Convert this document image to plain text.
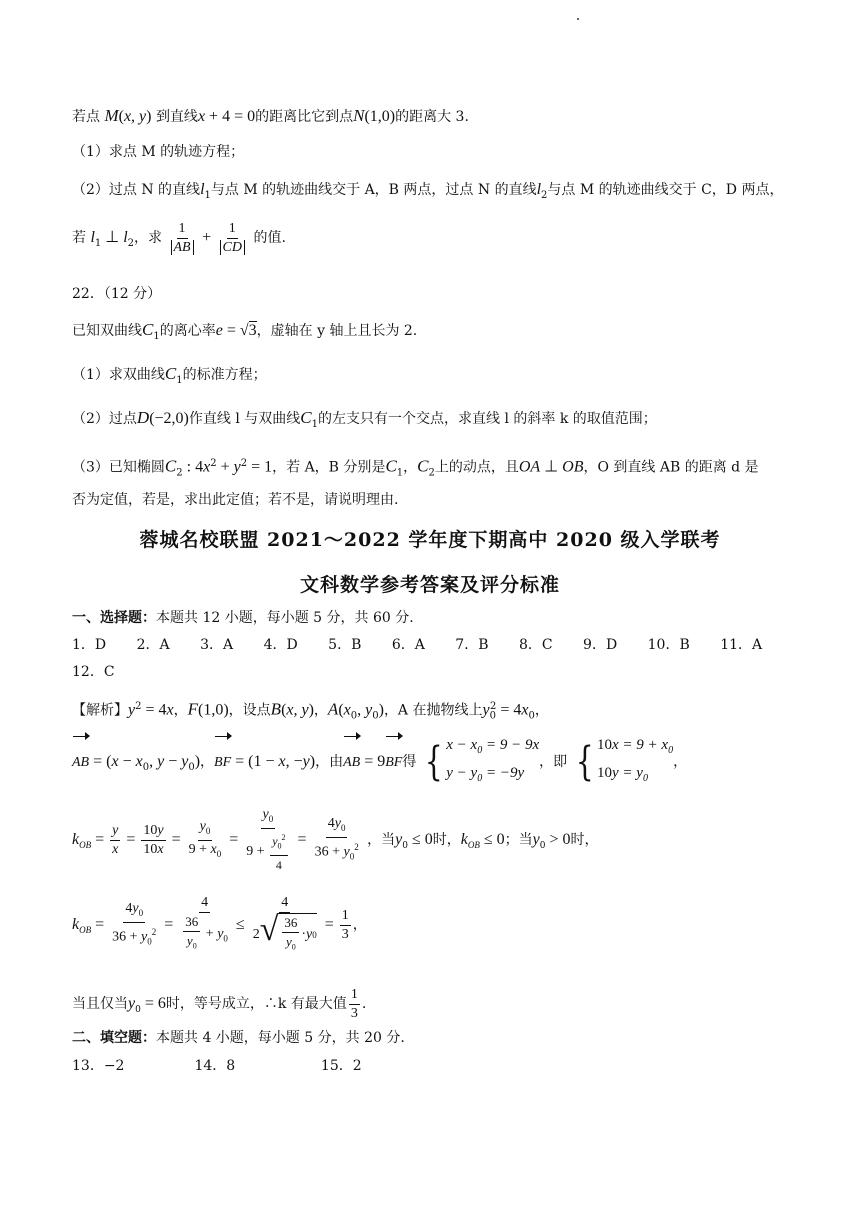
若点 M(x, y) 到直线x + 4 = 0的距离比它到点N(1,0)的距离大 3.
（1）求点 M 的轨迹方程；
（2）过点 N 的直线$l_1$与点 M 的轨迹曲线交于 A，B 两点，过点 N 的直线$l_2$与点 M 的轨迹曲线交于 C，D 两点，
若 $l_1$ ⊥ $l_2$，求 $\frac{1}{AB} + \frac{1}{CD}$ 的值.
22．（12 分）
已知双曲线$C_1$的离心率e = √3，虚轴在 y 轴上且长为 2.
（1）求双曲线$C_1$的标准方程；
（2）过点D(−2,0)作直线 l 与双曲线$C_1$的左支只有一个交点，求直线 l 的斜率 k 的取值范围；
（3）已知椭圆$C_2$ : $4x^2 + y^2 = 1$，若 A，B 分别是$C_1$，$C_2$上的动点，且OA ⊥ OB，O 到直线 AB 的距离 d 是
否为定值，若是，求出此定值；若不是，请说明理由.
蓉城名校联盟 2021～2022 学年度下期高中 2020 级入学联考
文科数学参考答案及评分标准
一、选择题：本题共 12 小题，每小题 5 分，共 60 分.
1．D 2．A 3．A 4．D 5．B 6．A 7．B 8．C 9．D 10．B 11．A
12．C
【解析】$y^2 = 4x$，F(1,0)，设点B(x, y)，$A(x_0$, $y_0$)，A 在抛物线上$y_0^2 = 4x_0$，
AB = ($x - x_0$, $y - y_0$)，BF = (1 − x, −y)，由AB = 9BF得 { $x - x_0 = 9 - 9x$
$y - y_0 = -9y$
，即 { $10x = 9 + x_0$
$10y = y_0$
，
$k_{OB} = \frac{y}{x} = \frac{10y}{10x} = \frac{y_0}{9 + x_0} = \frac{y_0}{9 + \frac{y_0^2}{4}} = \frac{4y_0}{36 + y_0^2}$ ，当$y_0 \le 0$时，$k_{OB} \le 0$；当$y_0 > 0$时，
$k_{OB} = \frac{4y_0}{36 + y_0^2} = \frac{4}{\frac{36}{y_0} + y_0} \le \frac{4}{2 √ \frac{36}{y_0} \cdot y 0} = \frac{1}{3}$ ，
当且仅当$y_0 = 6$时，等号成立，∴k 有最大值 $\frac{1}{3}$ .
二、填空题：本题共 4 小题，每小题 5 分，共 20 分.
13．−2	14．8	15．2
